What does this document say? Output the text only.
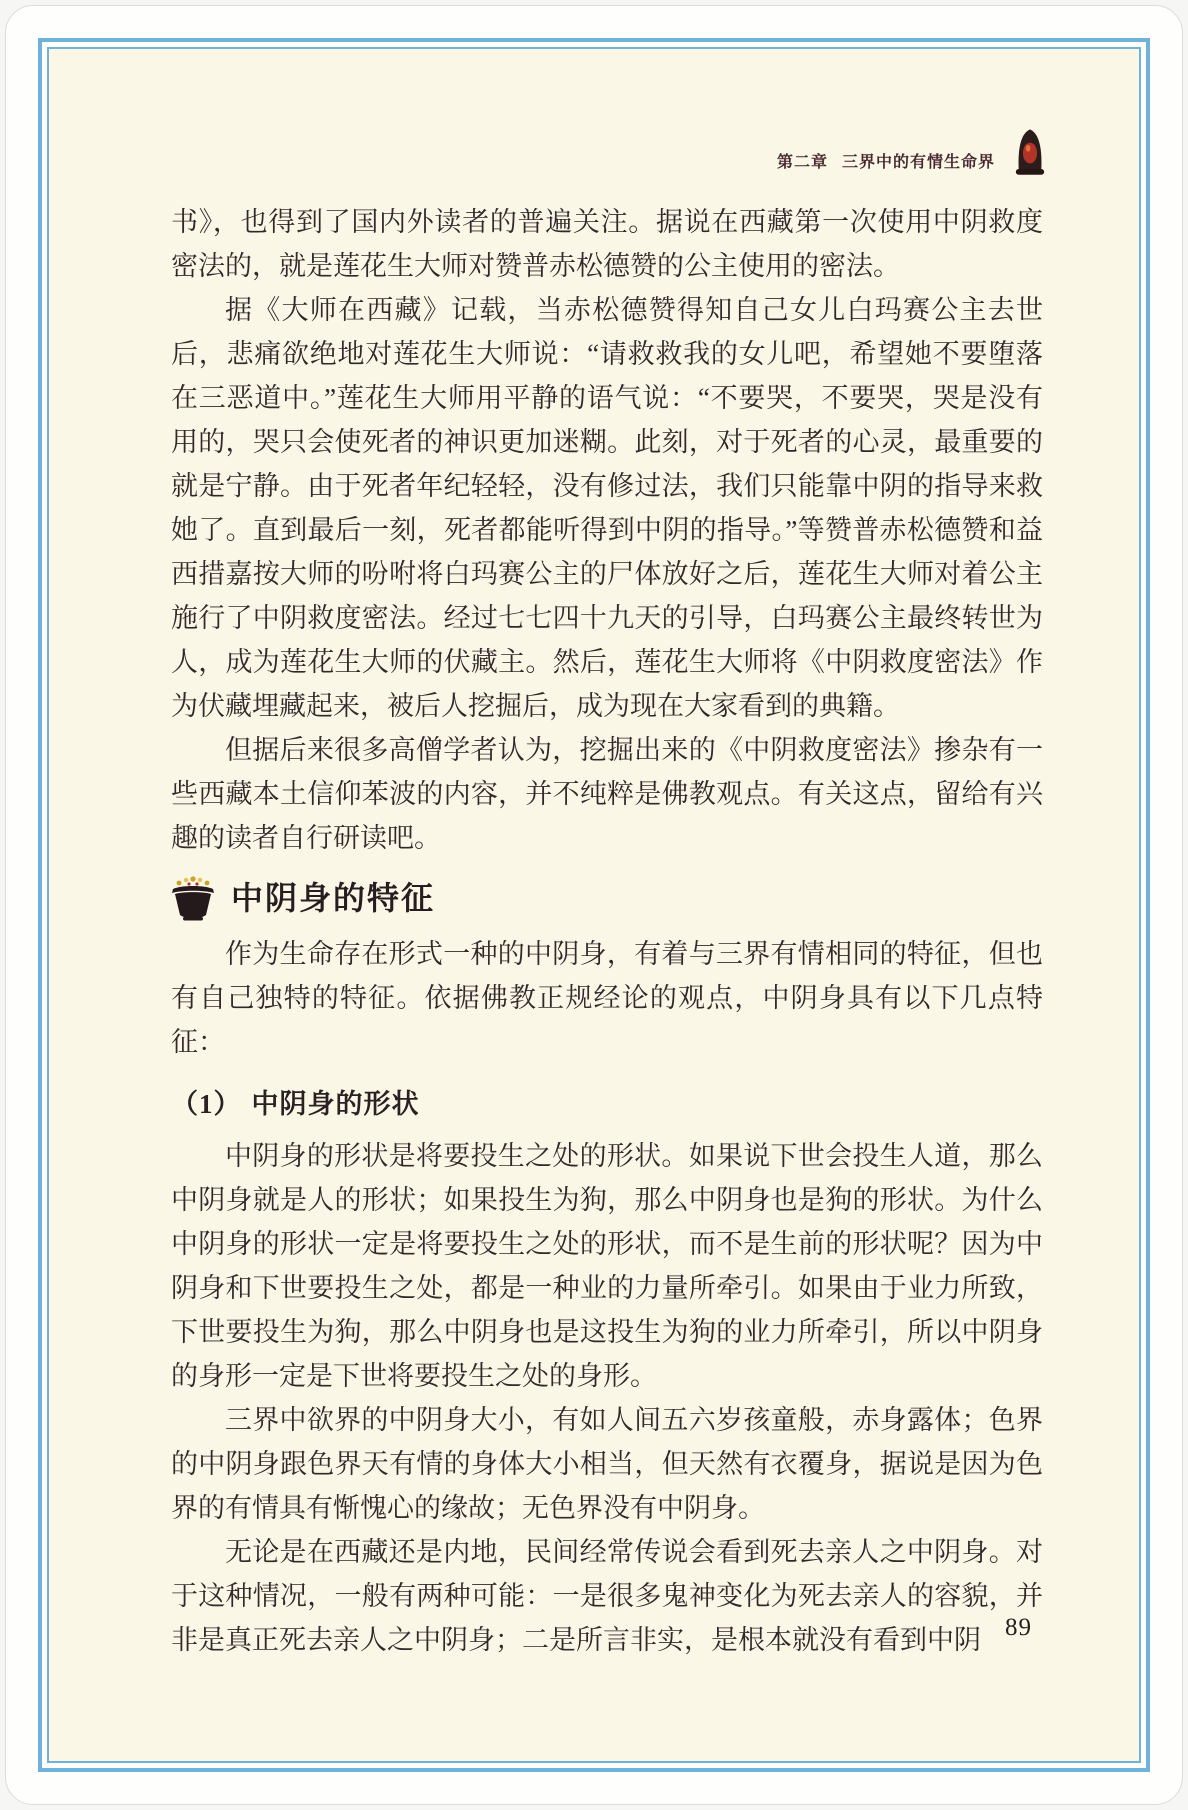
第二章 三界中的有情生命界

书》，也得到了国内外读者的普遍关注。据说在西藏第一次使用中阴救度密法的，就是莲花生大师对赞普赤松德赞的公主使用的密法。

据《大师在西藏》记载，当赤松德赞得知自己女儿白玛赛公主去世后，悲痛欲绝地对莲花生大师说：“请救救我的女儿吧，希望她不要堕落在三恶道中。”莲花生大师用平静的语气说：“不要哭，不要哭，哭是没有用的，哭只会使死者的神识更加迷糊。此刻，对于死者的心灵，最重要的就是宁静。由于死者年纪轻轻，没有修过法，我们只能靠中阴的指导来救她了。直到最后一刻，死者都能听得到中阴的指导。”等赞普赤松德赞和益西措嘉按大师的吩咐将白玛赛公主的尸体放好之后，莲花生大师对着公主施行了中阴救度密法。经过七七四十九天的引导，白玛赛公主最终转世为人，成为莲花生大师的伏藏主。然后，莲花生大师将《中阴救度密法》作为伏藏埋藏起来，被后人挖掘后，成为现在大家看到的典籍。

但据后来很多高僧学者认为，挖掘出来的《中阴救度密法》掺杂有一些西藏本土信仰苯波的内容，并不纯粹是佛教观点。有关这点，留给有兴趣的读者自行研读吧。

中阴身的特征

作为生命存在形式一种的中阴身，有着与三界有情相同的特征，但也有自己独特的特征。依据佛教正规经论的观点，中阴身具有以下几点特征：

（1） 中阴身的形状

中阴身的形状是将要投生之处的形状。如果说下世会投生人道，那么中阴身就是人的形状；如果投生为狗，那么中阴身也是狗的形状。为什么中阴身的形状一定是将要投生之处的形状，而不是生前的形状呢？因为中阴身和下世要投生之处，都是一种业的力量所牵引。如果由于业力所致，下世要投生为狗，那么中阴身也是这投生为狗的业力所牵引，所以中阴身的身形一定是下世将要投生之处的身形。

三界中欲界的中阴身大小，有如人间五六岁孩童般，赤身露体；色界的中阴身跟色界天有情的身体大小相当，但天然有衣覆身，据说是因为色界的有情具有惭愧心的缘故；无色界没有中阴身。

无论是在西藏还是内地，民间经常传说会看到死去亲人之中阴身。对于这种情况，一般有两种可能：一是很多鬼神变化为死去亲人的容貌，并非是真正死去亲人之中阴身；二是所言非实，是根本就没有看到中阴 89
